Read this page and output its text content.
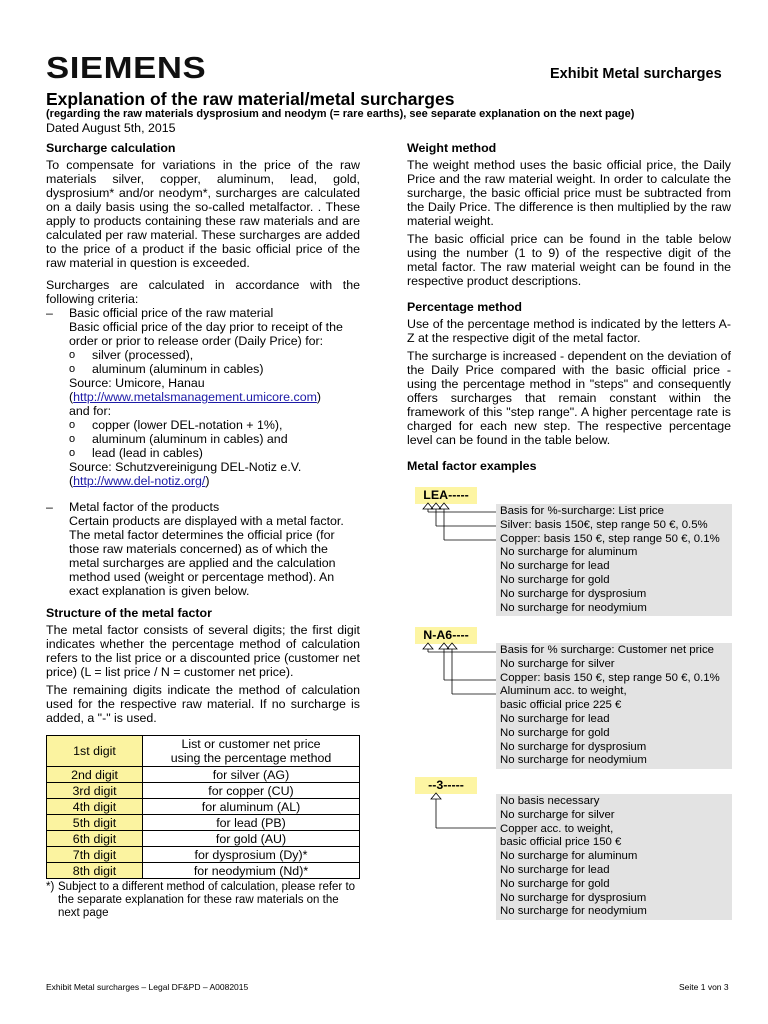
SIEMENS	Exhibit Metal surcharges
Explanation of the raw material/metal surcharges
(regarding the raw materials dysprosium and neodym (= rare earths), see separate explanation on the next page)
Dated August 5th, 2015
Surcharge calculation

To compensate for variations in the price of the raw materials silver, copper, aluminum, lead, gold, dysprosium* and/or neodym*, surcharges are calculated on a daily basis using the so-called metalfactor. . These apply to products containing these raw materials and are calculated per raw material. These surcharges are added to the price of a product if the basic official price of the raw material in question is exceeded.

Surcharges are calculated in accordance with the following criteria:

– Basic official price of the raw material
Basic official price of the day prior to receipt of the order or prior to release order (Daily Price) for:
o silver (processed),
o aluminum (aluminum in cables)
Source: Umicore, Hanau
(http://www.metalsmanagement.umicore.com)
and for:
o copper (lower DEL-notation + 1%),
o aluminum (aluminum in cables) and
o lead (lead in cables)
Source: Schutzvereinigung DEL-Notiz e.V.
(http://www.del-notiz.org/)
– Metal factor of the products
Certain products are displayed with a metal factor. The metal factor determines the official price (for those raw materials concerned) as of which the metal surcharges are applied and the calculation method used (weight or percentage method). An exact explanation is given below.
Structure of the metal factor

The metal factor consists of several digits; the first digit indicates whether the percentage method of calculation refers to the list price or a discounted price (customer net price) (L = list price / N = customer net price).

The remaining digits indicate the method of calculation used for the respective raw material. If no surcharge is added, a "-" is used.

1st digit	List or customer net price using the percentage method
2nd digit	for silver (AG)
3rd digit	for copper (CU)
4th digit	for aluminum (AL)
5th digit	for lead (PB)
6th digit	for gold (AU)
7th digit	for dysprosium (Dy)*
8th digit	for neodymium (Nd)*
*) Subject to a different method of calculation, please refer to the separate explanation for these raw materials on the next page
Weight method

The weight method uses the basic official price, the Daily Price and the raw material weight. In order to calculate the surcharge, the basic official price must be subtracted from the Daily Price. The difference is then multiplied by the raw material weight.

The basic official price can be found in the table below using the number (1 to 9) of the respective digit of the metal factor. The raw material weight can be found in the respective product descriptions.

Percentage method

Use of the percentage method is indicated by the letters A-Z at the respective digit of the metal factor.

The surcharge is increased - dependent on the deviation of the Daily Price compared with the basic official price - using the percentage method in "steps" and consequently offers surcharges that remain constant within the framework of this "step range". A higher percentage rate is charged for each new step. The respective percentage level can be found in the table below.

Metal factor examples
LEA-----
Basis for %-surcharge: List price
Silver: basis 150€, step range 50 €, 0.5%
Copper: basis 150 €, step range 50 €, 0.1%
No surcharge for aluminum
No surcharge for lead
No surcharge for gold
No surcharge for dysprosium
No surcharge for neodymium
N-A6----
Basis for % surcharge: Customer net price
No surcharge for silver
Copper: basis 150 €, step range 50 €, 0.1%
Aluminum acc. to weight,
basic official price 225 €
No surcharge for lead
No surcharge for gold
No surcharge for dysprosium
No surcharge for neodymium
--3-----
No basis necessary
No surcharge for silver
Copper acc. to weight,
basic official price 150 €
No surcharge for aluminum
No surcharge for lead
No surcharge for gold
No surcharge for dysprosium
No surcharge for neodymium
Exhibit Metal surcharges – Legal DF&PD – A0082015	Seite 1 von 3
